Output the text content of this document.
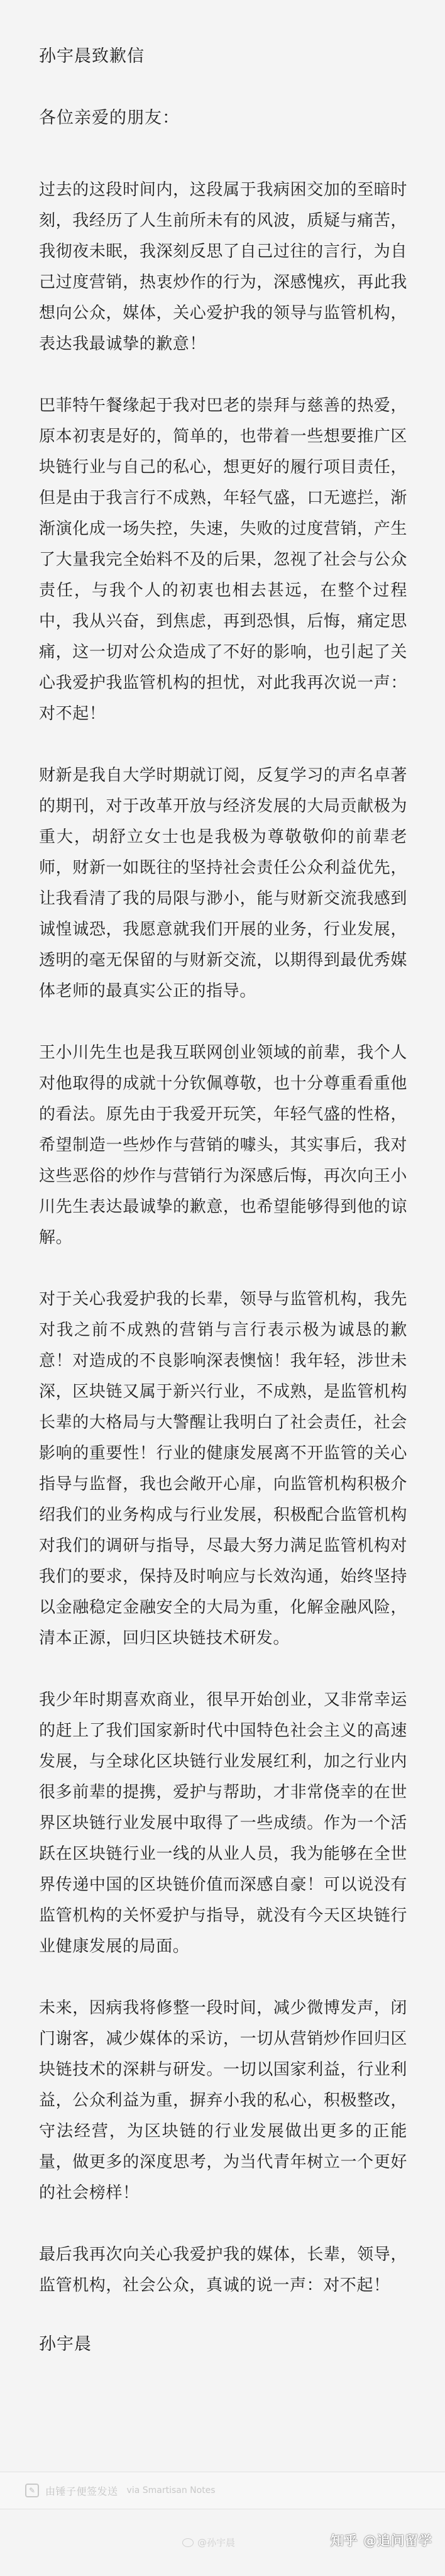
孙宇晨致歉信
各位亲爱的朋友：

过去的这段时间内，这段属于我病困交加的至暗时刻，我经历了人生前所未有的风波，质疑与痛苦，我彻夜未眠，我深刻反思了自己过往的言行，为自己过度营销，热衷炒作的行为，深感愧疚，再此我想向公众，媒体，关心爱护我的领导与监管机构，表达我最诚挚的歉意！

巴菲特午餐缘起于我对巴老的崇拜与慈善的热爱，原本初衷是好的，简单的，也带着一些想要推广区块链行业与自己的私心，想更好的履行项目责任，但是由于我言行不成熟，年轻气盛，口无遮拦，渐渐演化成一场失控，失速，失败的过度营销，产生了大量我完全始料不及的后果，忽视了社会与公众责任，与我个人的初衷也相去甚远，在整个过程中，我从兴奋，到焦虑，再到恐惧，后悔，痛定思痛，这一切对公众造成了不好的影响，也引起了关心我爱护我监管机构的担忧，对此我再次说一声：对不起！

财新是我自大学时期就订阅，反复学习的声名卓著的期刊，对于改革开放与经济发展的大局贡献极为重大，胡舒立女士也是我极为尊敬敬仰的前辈老师，财新一如既往的坚持社会责任公众利益优先，让我看清了我的局限与渺小，能与财新交流我感到诚惶诚恐，我愿意就我们开展的业务，行业发展，透明的毫无保留的与财新交流，以期得到最优秀媒体老师的最真实公正的指导。

王小川先生也是我互联网创业领域的前辈，我个人对他取得的成就十分钦佩尊敬，也十分尊重看重他的看法。原先由于我爱开玩笑，年轻气盛的性格，希望制造一些炒作与营销的噱头，其实事后，我对这些恶俗的炒作与营销行为深感后悔，再次向王小川先生表达最诚挚的歉意，也希望能够得到他的谅解。

对于关心我爱护我的长辈，领导与监管机构，我先对我之前不成熟的营销与言行表示极为诚恳的歉意！对造成的不良影响深表懊恼！我年轻，涉世未深，区块链又属于新兴行业，不成熟，是监管机构长辈的大格局与大警醒让我明白了社会责任，社会影响的重要性！行业的健康发展离不开监管的关心指导与监督，我也会敞开心扉，向监管机构积极介绍我们的业务构成与行业发展，积极配合监管机构对我们的调研与指导，尽最大努力满足监管机构对我们的要求，保持及时响应与长效沟通，始终坚持以金融稳定金融安全的大局为重，化解金融风险，清本正源，回归区块链技术研发。

我少年时期喜欢商业，很早开始创业，又非常幸运的赶上了我们国家新时代中国特色社会主义的高速发展，与全球化区块链行业发展红利，加之行业内很多前辈的提携，爱护与帮助，才非常侥幸的在世界区块链行业发展中取得了一些成绩。作为一个活跃在区块链行业一线的从业人员，我为能够在全世界传递中国的区块链价值而深感自豪！可以说没有监管机构的关怀爱护与指导，就没有今天区块链行业健康发展的局面。

未来，因病我将修整一段时间，减少微博发声，闭门谢客，减少媒体的采访，一切从营销炒作回归区块链技术的深耕与研发。一切以国家利益，行业利益，公众利益为重，摒弃小我的私心，积极整改，守法经营，为区块链的行业发展做出更多的正能量，做更多的深度思考，为当代青年树立一个更好的社会榜样！

最后我再次向关心我爱护我的媒体，长辈，领导，监管机构，社会公众，真诚的说一声：对不起！

孙宇晨
✎ 由锤子便签发送 via Smartisan Notes
@孙宇晨	知乎 @追问留学
